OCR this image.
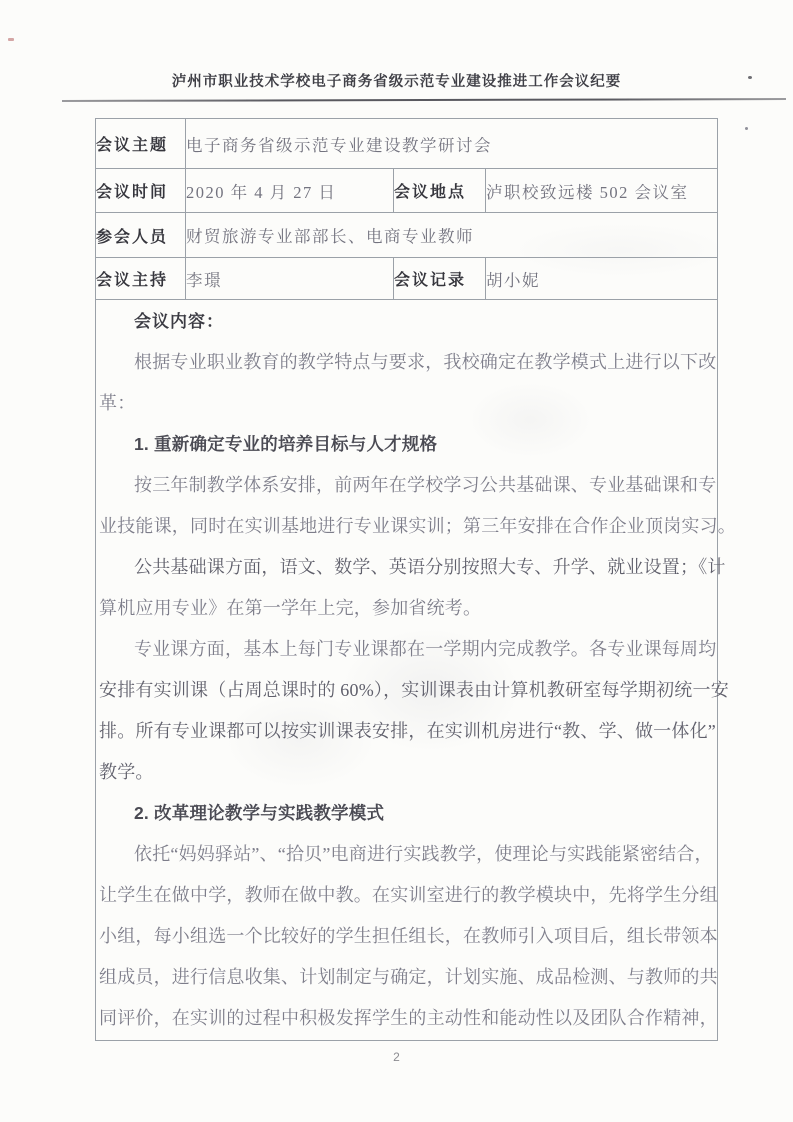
泸州市职业技术学校电子商务省级示范专业建设推进工作会议纪要
会议主题	电子商务省级示范专业建设教学研讨会		
会议时间	2020 年 4 月 27 日	会议地点	泸职校致远楼 502 会议室
参会人员	财贸旅游专业部部长、电商专业教师		
会议主持	李璟	会议记录	胡小妮

会议内容：
根据专业职业教育的教学特点与要求，我校确定在教学模式上进行以下改
革：
1. 重新确定专业的培养目标与人才规格
按三年制教学体系安排，前两年在学校学习公共基础课、专业基础课和专
业技能课，同时在实训基地进行专业课实训；第三年安排在合作企业顶岗实习。
公共基础课方面，语文、数学、英语分别按照大专、升学、就业设置；《计
算机应用专业》在第一学年上完，参加省统考。
专业课方面，基本上每门专业课都在一学期内完成教学。各专业课每周均
安排有实训课（占周总课时的 60%），实训课表由计算机教研室每学期初统一安
排。所有专业课都可以按实训课表安排，在实训机房进行“教、学、做一体化”
教学。
2. 改革理论教学与实践教学模式
依托“妈妈驿站”、“拾贝”电商进行实践教学，使理论与实践能紧密结合，
让学生在做中学，教师在做中教。在实训室进行的教学模块中，先将学生分组
小组，每小组选一个比较好的学生担任组长，在教师引入项目后，组长带领本
组成员，进行信息收集、计划制定与确定，计划实施、成品检测、与教师的共
同评价，在实训的过程中积极发挥学生的主动性和能动性以及团队合作精神，
2
